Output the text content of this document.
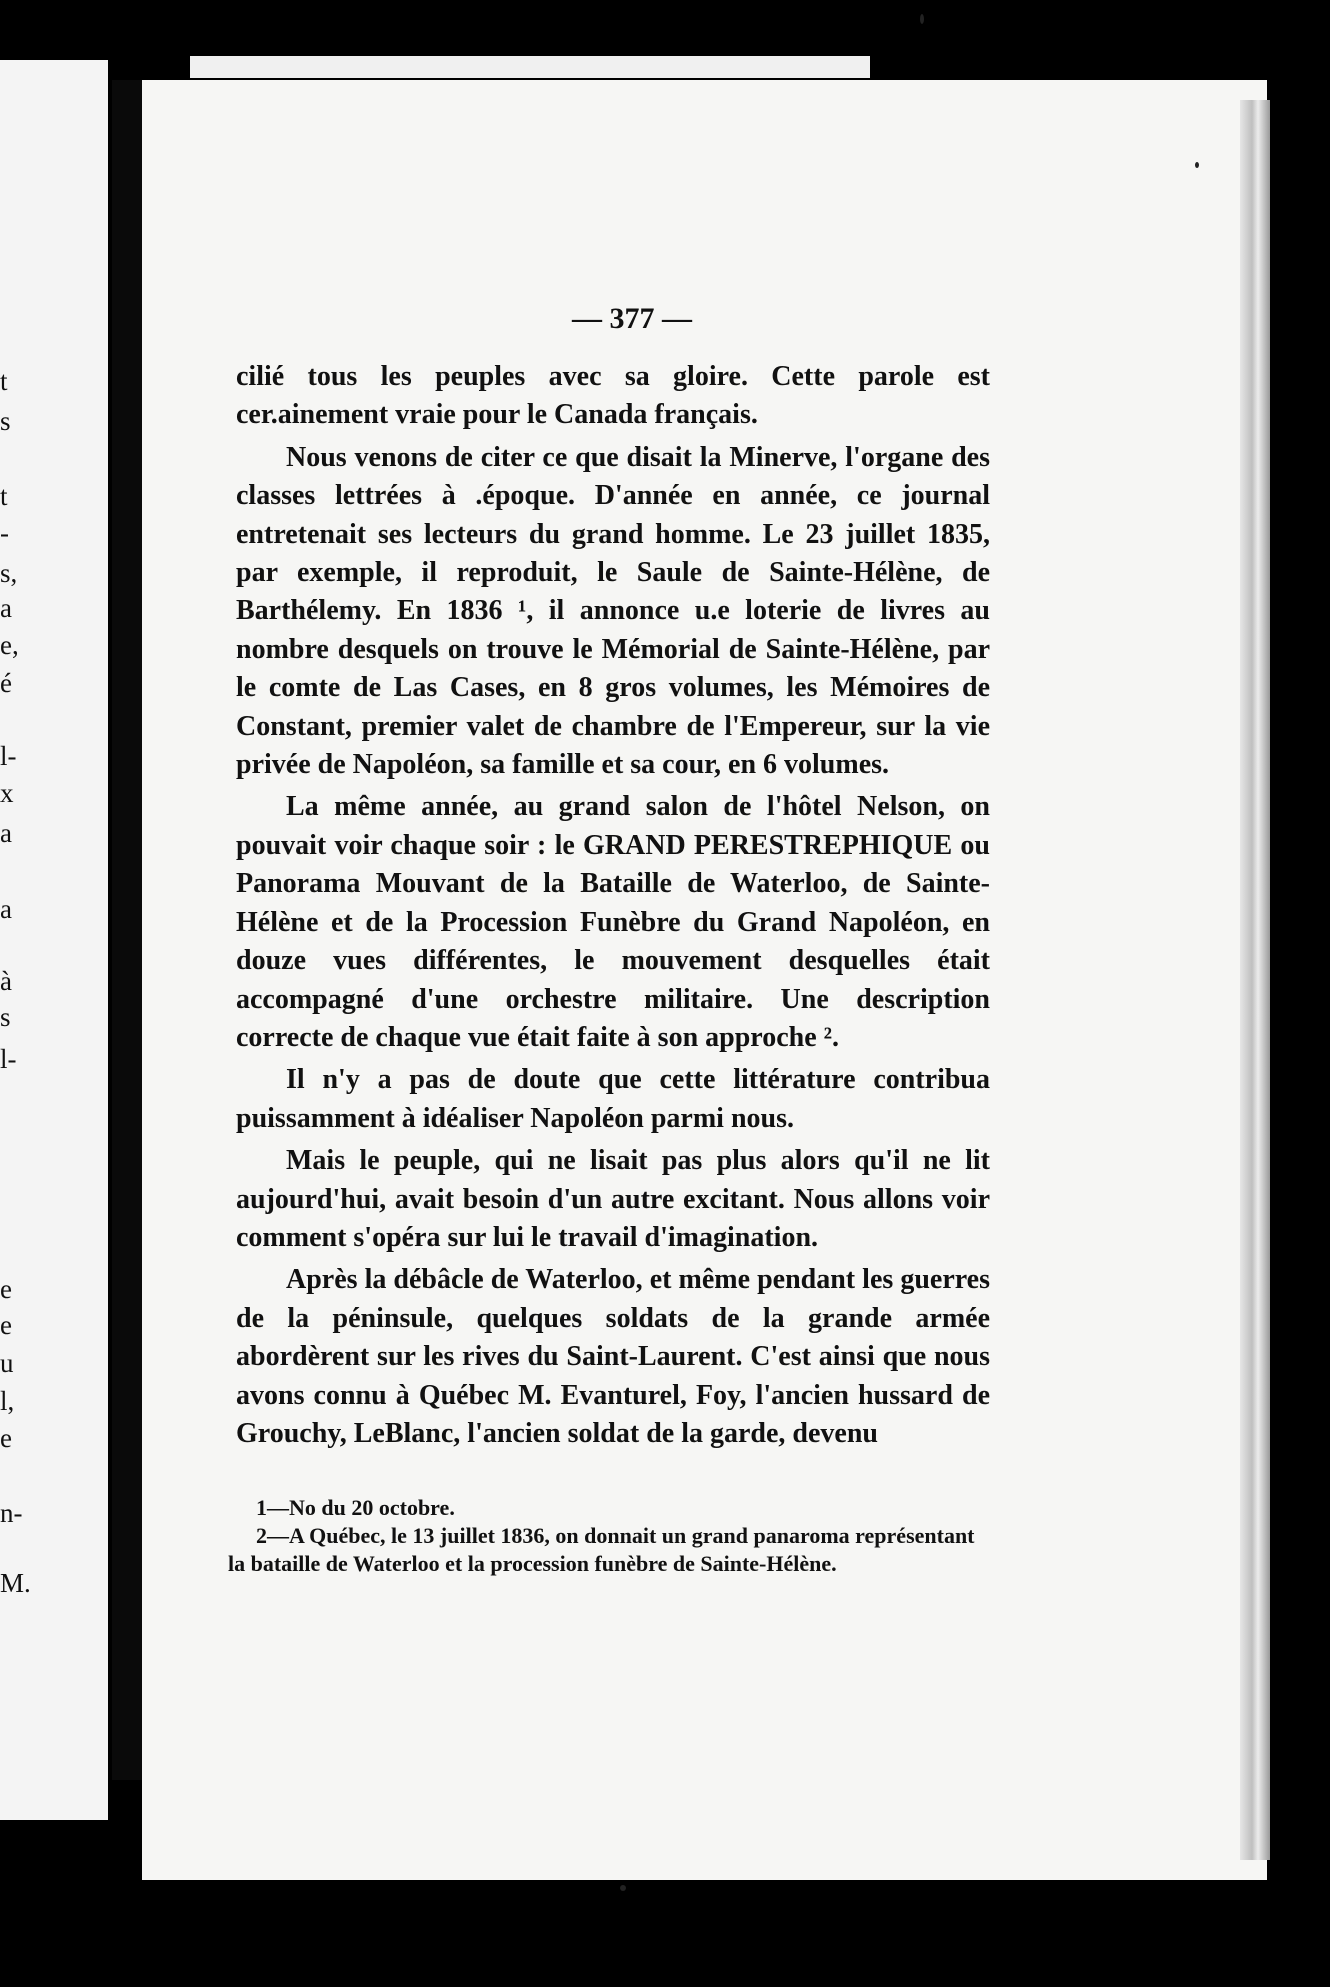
t
s
t
-
s,
a
e,
é
l-
x
a
a
à
s
l-
e
e
u
l,
e
n-
M.
— 377 —

cilié tous les peuples avec sa gloire. Cette parole est cer.ainement vraie pour le Canada français.

Nous venons de citer ce que disait la Minerve, l'organe des classes lettrées à .époque. D'année en année, ce journal entretenait ses lecteurs du grand homme. Le 23 juillet 1835, par exemple, il reproduit, le Saule de Sainte-Hélène, de Barthélemy. En 1836 ¹, il annonce u.e loterie de livres au nombre desquels on trouve le Mémorial de Sainte-Hélène, par le comte de Las Cases, en 8 gros volumes, les Mémoires de Constant, premier valet de chambre de l'Empereur, sur la vie privée de Napoléon, sa famille et sa cour, en 6 volumes.

La même année, au grand salon de l'hôtel Nelson, on pouvait voir chaque soir : le GRAND PERESTREPHIQUE ou Panorama Mouvant de la Bataille de Waterloo, de Sainte-Hélène et de la Procession Funèbre du Grand Napoléon, en douze vues différentes, le mouvement desquelles était accompagné d'une orchestre militaire. Une description correcte de chaque vue était faite à son approche ².

Il n'y a pas de doute que cette littérature contribua puissamment à idéaliser Napoléon parmi nous.

Mais le peuple, qui ne lisait pas plus alors qu'il ne lit aujourd'hui, avait besoin d'un autre excitant. Nous allons voir comment s'opéra sur lui le travail d'imagination.

Après la débâcle de Waterloo, et même pendant les guerres de la péninsule, quelques soldats de la grande armée abordèrent sur les rives du Saint-Laurent. C'est ainsi que nous avons connu à Québec M. Evanturel, Foy, l'ancien hussard de Grouchy, LeBlanc, l'ancien soldat de la garde, devenu

1—No du 20 octobre.

2—A Québec, le 13 juillet 1836, on donnait un grand panaroma représentant la bataille de Waterloo et la procession funèbre de Sainte-Hélène.
